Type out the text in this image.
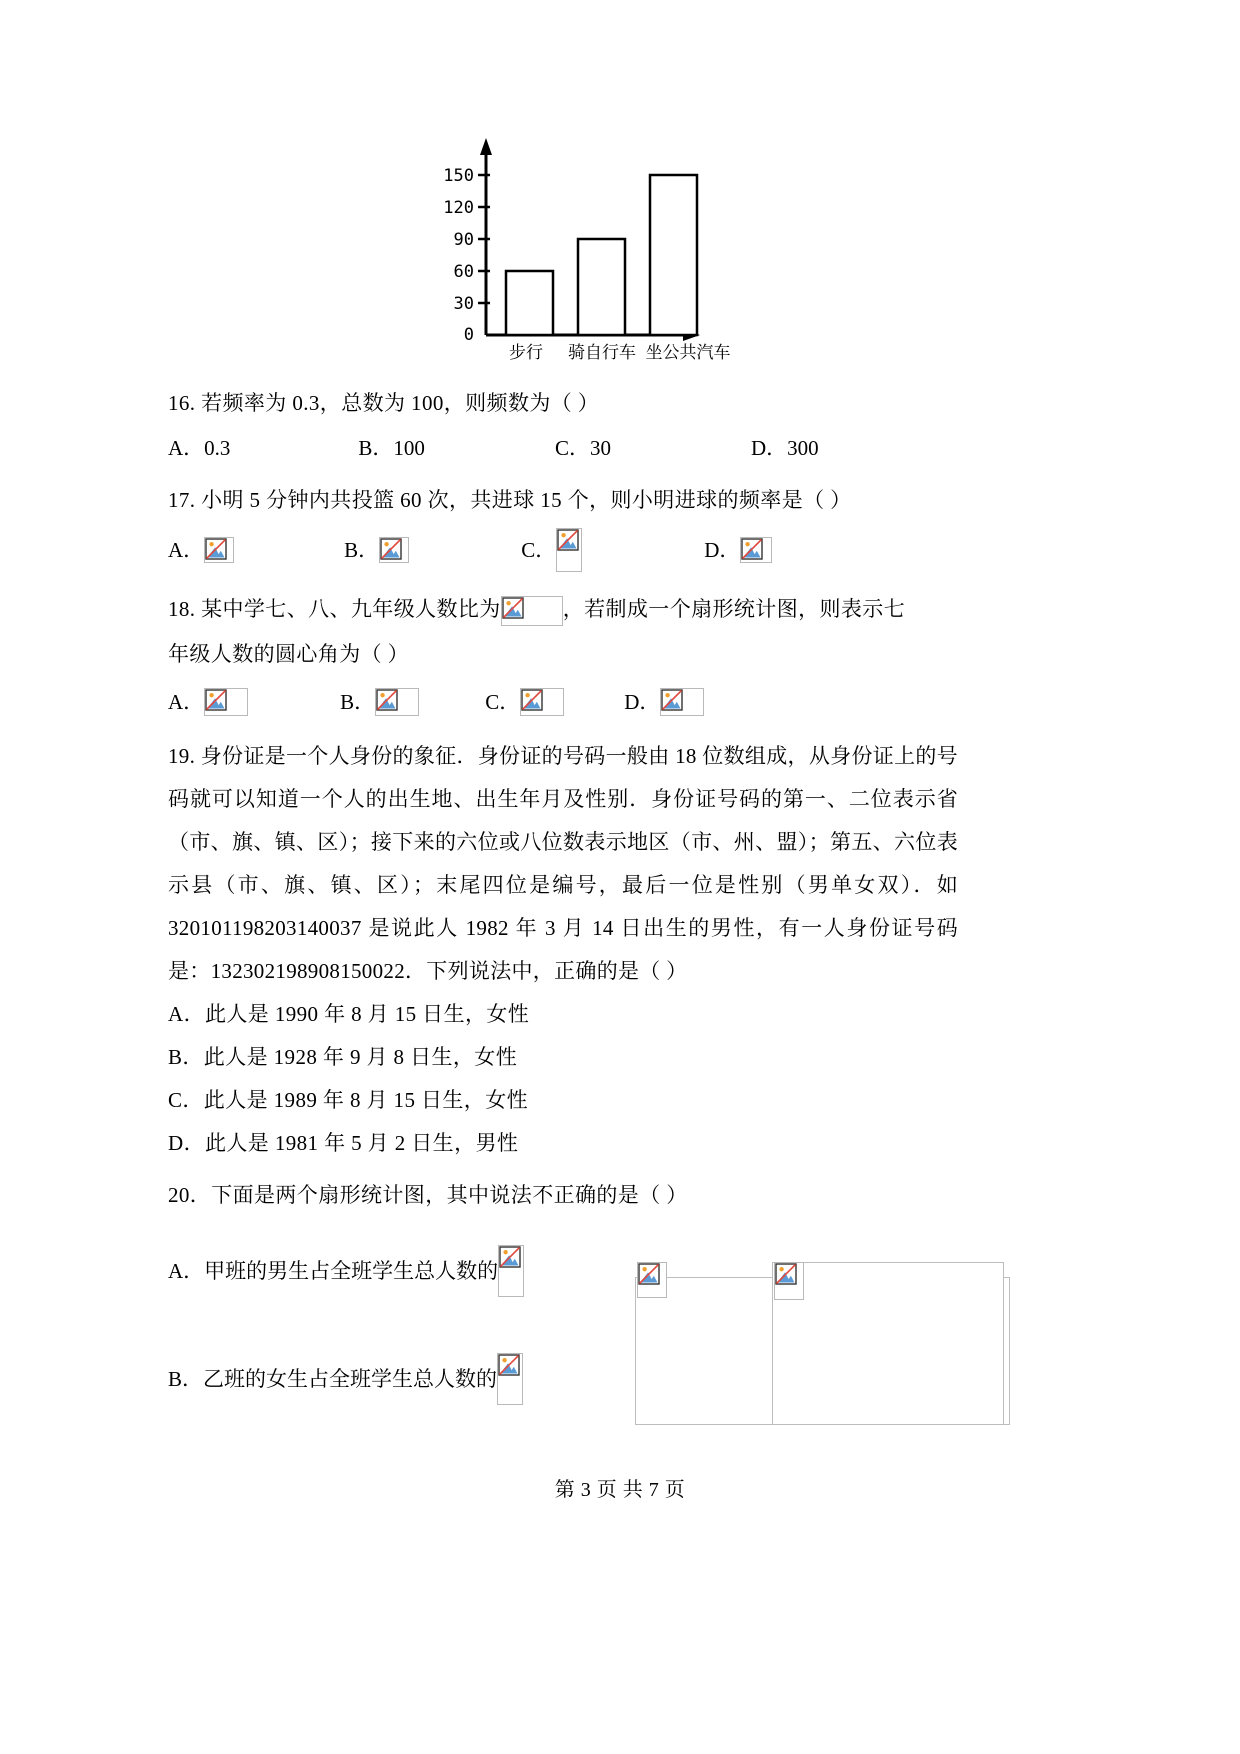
150
120
90
60
30
0
步行 骑自行车 坐公共汽车
16. 若频率为 0.3，总数为 100，则频数为（ ）
A．0.3	B．100	C．30	D．300
17. 小明 5 分钟内共投篮 60 次，共进球 15 个，则小明进球的频率是（ ）
A．	B．	C．	D．
18. 某中学七、八、九年级人数比为	，若制成一个扇形统计图，则表示七
年级人数的圆心角为（ ）
A．	B．	C．	D．
19. 身份证是一个人身份的象征．身份证的号码一般由 18 位数组成，从身份证上的号码就可以知道一个人的出生地、出生年月及性别．身份证号码的第一、二位表示省（市、旗、镇、区）；接下来的六位或八位数表示地区（市、州、盟）；第五、六位表示县（市、旗、镇、区）；末尾四位是编号，最后一位是性别（男单女双）．如 320101198203140037 是说此人 1982 年 3 月 14 日出生的男性，有一人身份证号码是：132302198908150022．下列说法中，正确的是（ ）
A．此人是 1990 年 8 月 15 日生，女性
B．此人是 1928 年 9 月 8 日生，女性
C．此人是 1989 年 8 月 15 日生，女性
D．此人是 1981 年 5 月 2 日生，男性
20．下面是两个扇形统计图，其中说法不正确的是（ ）
A．甲班的男生占全班学生总人数的
B．乙班的女生占全班学生总人数的
第 3 页 共 7 页
